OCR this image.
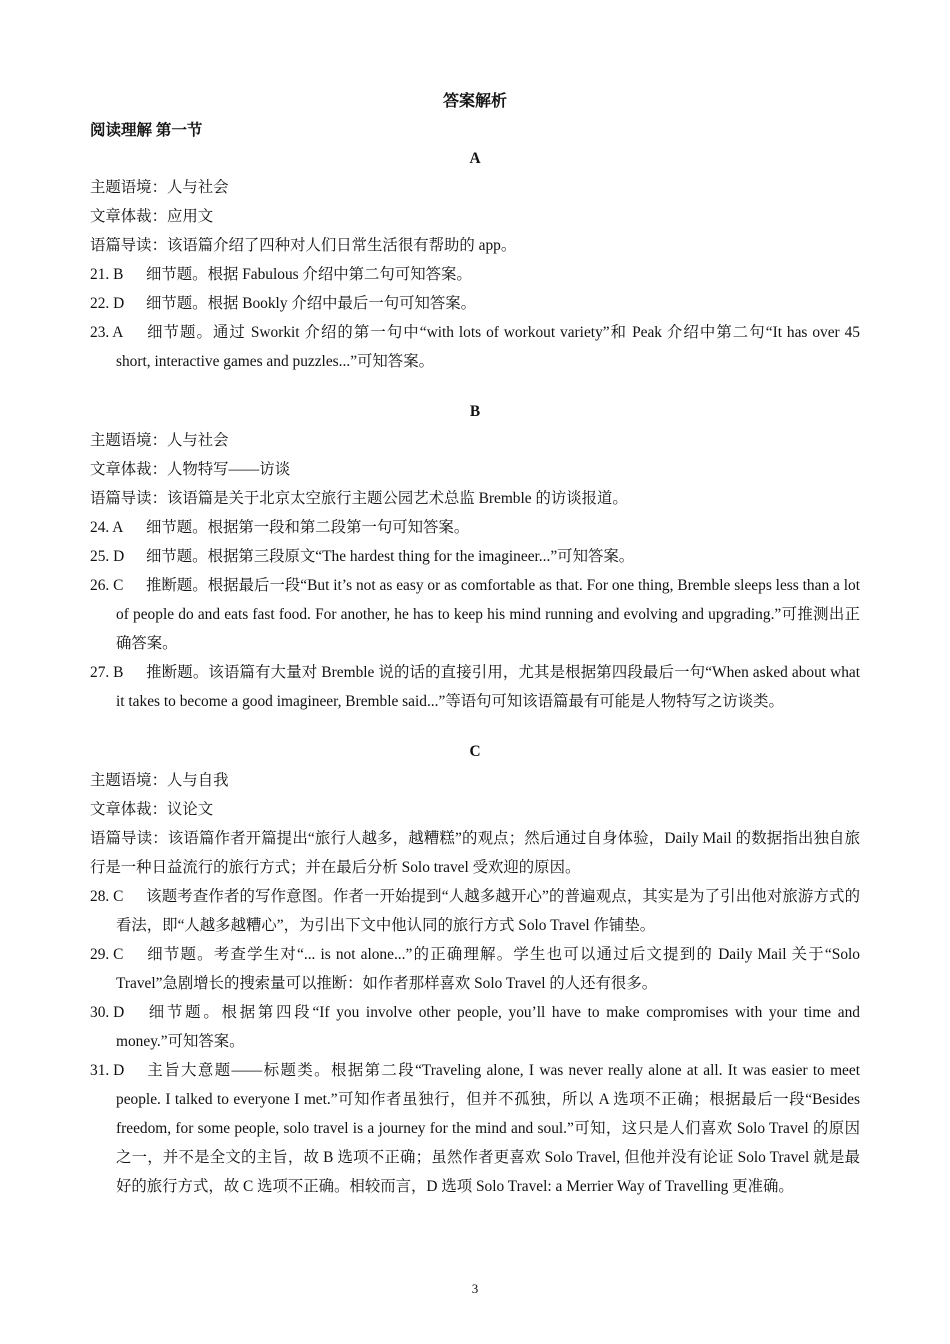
答案解析
阅读理解 第一节
A
主题语境：人与社会
文章体裁：应用文
语篇导读：该语篇介绍了四种对人们日常生活很有帮助的 app。
21. B 细节题。根据 Fabulous 介绍中第二句可知答案。
22. D 细节题。根据 Bookly 介绍中最后一句可知答案。
23. A 细节题。通过 Sworkit 介绍的第一句中“with lots of workout variety”和 Peak 介绍中第二句“It has over 45 short, interactive games and puzzles...”可知答案。
B
主题语境：人与社会
文章体裁：人物特写——访谈
语篇导读：该语篇是关于北京太空旅行主题公园艺术总监 Bremble 的访谈报道。
24. A 细节题。根据第一段和第二段第一句可知答案。
25. D 细节题。根据第三段原文“The hardest thing for the imagineer...”可知答案。
26. C 推断题。根据最后一段“But it’s not as easy or as comfortable as that. For one thing, Bremble sleeps less than a lot of people do and eats fast food. For another, he has to keep his mind running and evolving and upgrading.”可推测出正确答案。
27. B 推断题。该语篇有大量对 Bremble 说的话的直接引用，尤其是根据第四段最后一句“When asked about what it takes to become a good imagineer, Bremble said...”等语句可知该语篇最有可能是人物特写之访谈类。
C
主题语境：人与自我
文章体裁：议论文
语篇导读：该语篇作者开篇提出“旅行人越多，越糟糕”的观点；然后通过自身体验，Daily Mail 的数据指出独自旅行是一种日益流行的旅行方式；并在最后分析 Solo travel 受欢迎的原因。
28. C 该题考查作者的写作意图。作者一开始提到“人越多越开心”的普遍观点，其实是为了引出他对旅游方式的看法，即“人越多越糟心”，为引出下文中他认同的旅行方式 Solo Travel 作铺垫。
29. C 细节题。考查学生对“... is not alone...”的正确理解。学生也可以通过后文提到的 Daily Mail 关于“Solo Travel”急剧增长的搜索量可以推断：如作者那样喜欢 Solo Travel 的人还有很多。
30. D 细节题。根据第四段“If you involve other people, you’ll have to make compromises with your time and money.”可知答案。
31. D 主旨大意题——标题类。根据第二段“Traveling alone, I was never really alone at all. It was easier to meet people. I talked to everyone I met.”可知作者虽独行，但并不孤独，所以 A 选项不正确；根据最后一段“Besides freedom, for some people, solo travel is a journey for the mind and soul.”可知，这只是人们喜欢 Solo Travel 的原因之一，并不是全文的主旨，故 B 选项不正确；虽然作者更喜欢 Solo Travel, 但他并没有论证 Solo Travel 就是最好的旅行方式，故 C 选项不正确。相较而言，D 选项 Solo Travel: a Merrier Way of Travelling 更准确。
3
